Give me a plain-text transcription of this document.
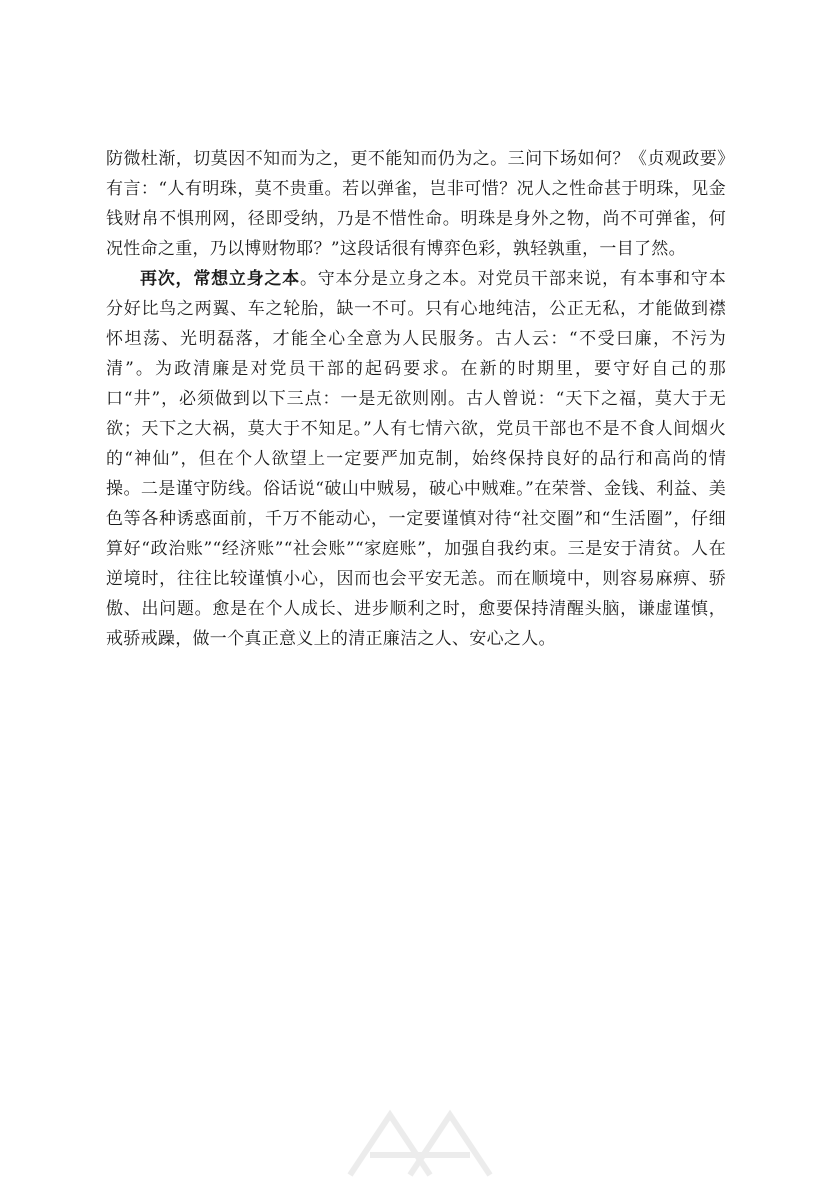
防微杜渐，切莫因不知而为之，更不能知而仍为之。三问下场如何？《贞观政要》有言：“人有明珠，莫不贵重。若以弹雀，岂非可惜？况人之性命甚于明珠，见金钱财帛不惧刑网，径即受纳，乃是不惜性命。明珠是身外之物，尚不可弹雀，何况性命之重，乃以博财物耶？”这段话很有博弈色彩，孰轻孰重，一目了然。

再次，常想立身之本。守本分是立身之本。对党员干部来说，有本事和守本分好比鸟之两翼、车之轮胎，缺一不可。只有心地纯洁，公正无私，才能做到襟怀坦荡、光明磊落，才能全心全意为人民服务。古人云：“不受曰廉，不污为清”。为政清廉是对党员干部的起码要求。在新的时期里，要守好自己的那口“井”，必须做到以下三点：一是无欲则刚。古人曾说：“天下之福，莫大于无欲；天下之大祸，莫大于不知足。”人有七情六欲，党员干部也不是不食人间烟火的“神仙”，但在个人欲望上一定要严加克制，始终保持良好的品行和高尚的情操。二是谨守防线。俗话说“破山中贼易，破心中贼难。”在荣誉、金钱、利益、美色等各种诱惑面前，千万不能动心，一定要谨慎对待“社交圈”和“生活圈”，仔细算好“政治账”“经济账”“社会账”“家庭账”，加强自我约束。三是安于清贫。人在逆境时，往往比较谨慎小心，因而也会平安无恙。而在顺境中，则容易麻痹、骄傲、出问题。愈是在个人成长、进步顺利之时，愈要保持清醒头脑，谦虚谨慎，戒骄戒躁，做一个真正意义上的清正廉洁之人、安心之人。
